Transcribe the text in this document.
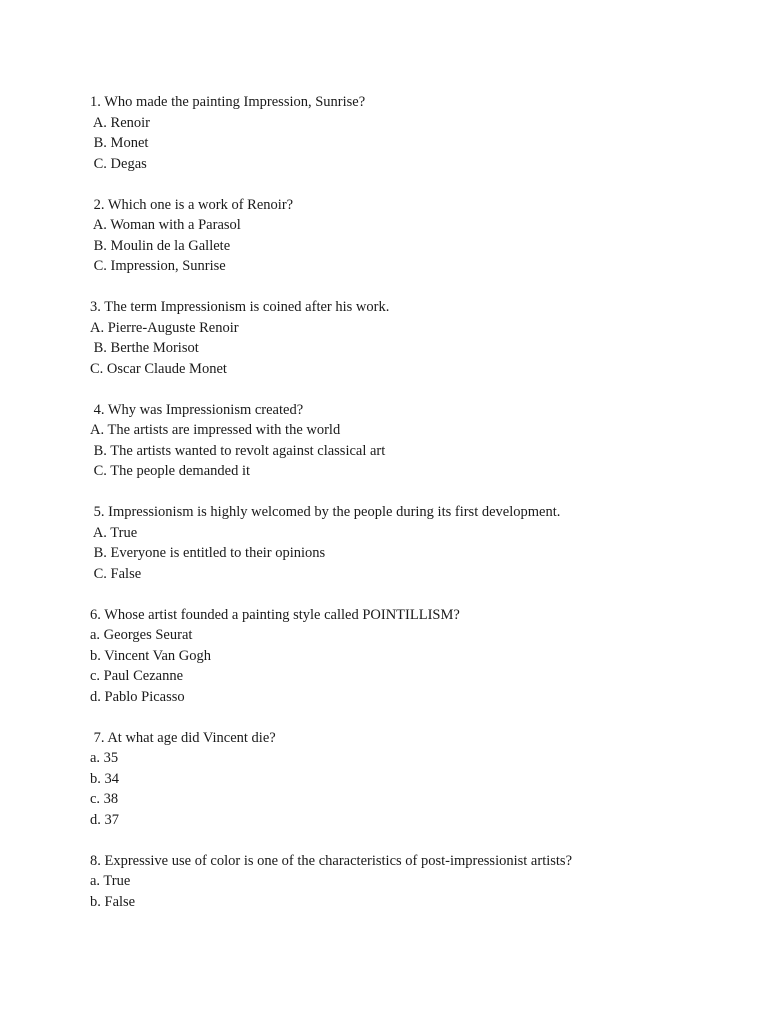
1. Who made the painting Impression, Sunrise?
A. Renoir
B. Monet
C. Degas
2. Which one is a work of Renoir?
A. Woman with a Parasol
B. Moulin de la Gallete
C. Impression, Sunrise
3. The term Impressionism is coined after his work.
A. Pierre-Auguste Renoir
B. Berthe Morisot
C. Oscar Claude Monet
4. Why was Impressionism created?
A. The artists are impressed with the world
B. The artists wanted to revolt against classical art
C. The people demanded it
5. Impressionism is highly welcomed by the people during its first development.
A. True
B. Everyone is entitled to their opinions
C. False
6. Whose artist founded a painting style called POINTILLISM?
a. Georges Seurat
b. Vincent Van Gogh
c. Paul Cezanne
d. Pablo Picasso
7. At what age did Vincent die?
a. 35
b. 34
c. 38
d. 37
8. Expressive use of color is one of the characteristics of post-impressionist artists?
a. True
b. False
